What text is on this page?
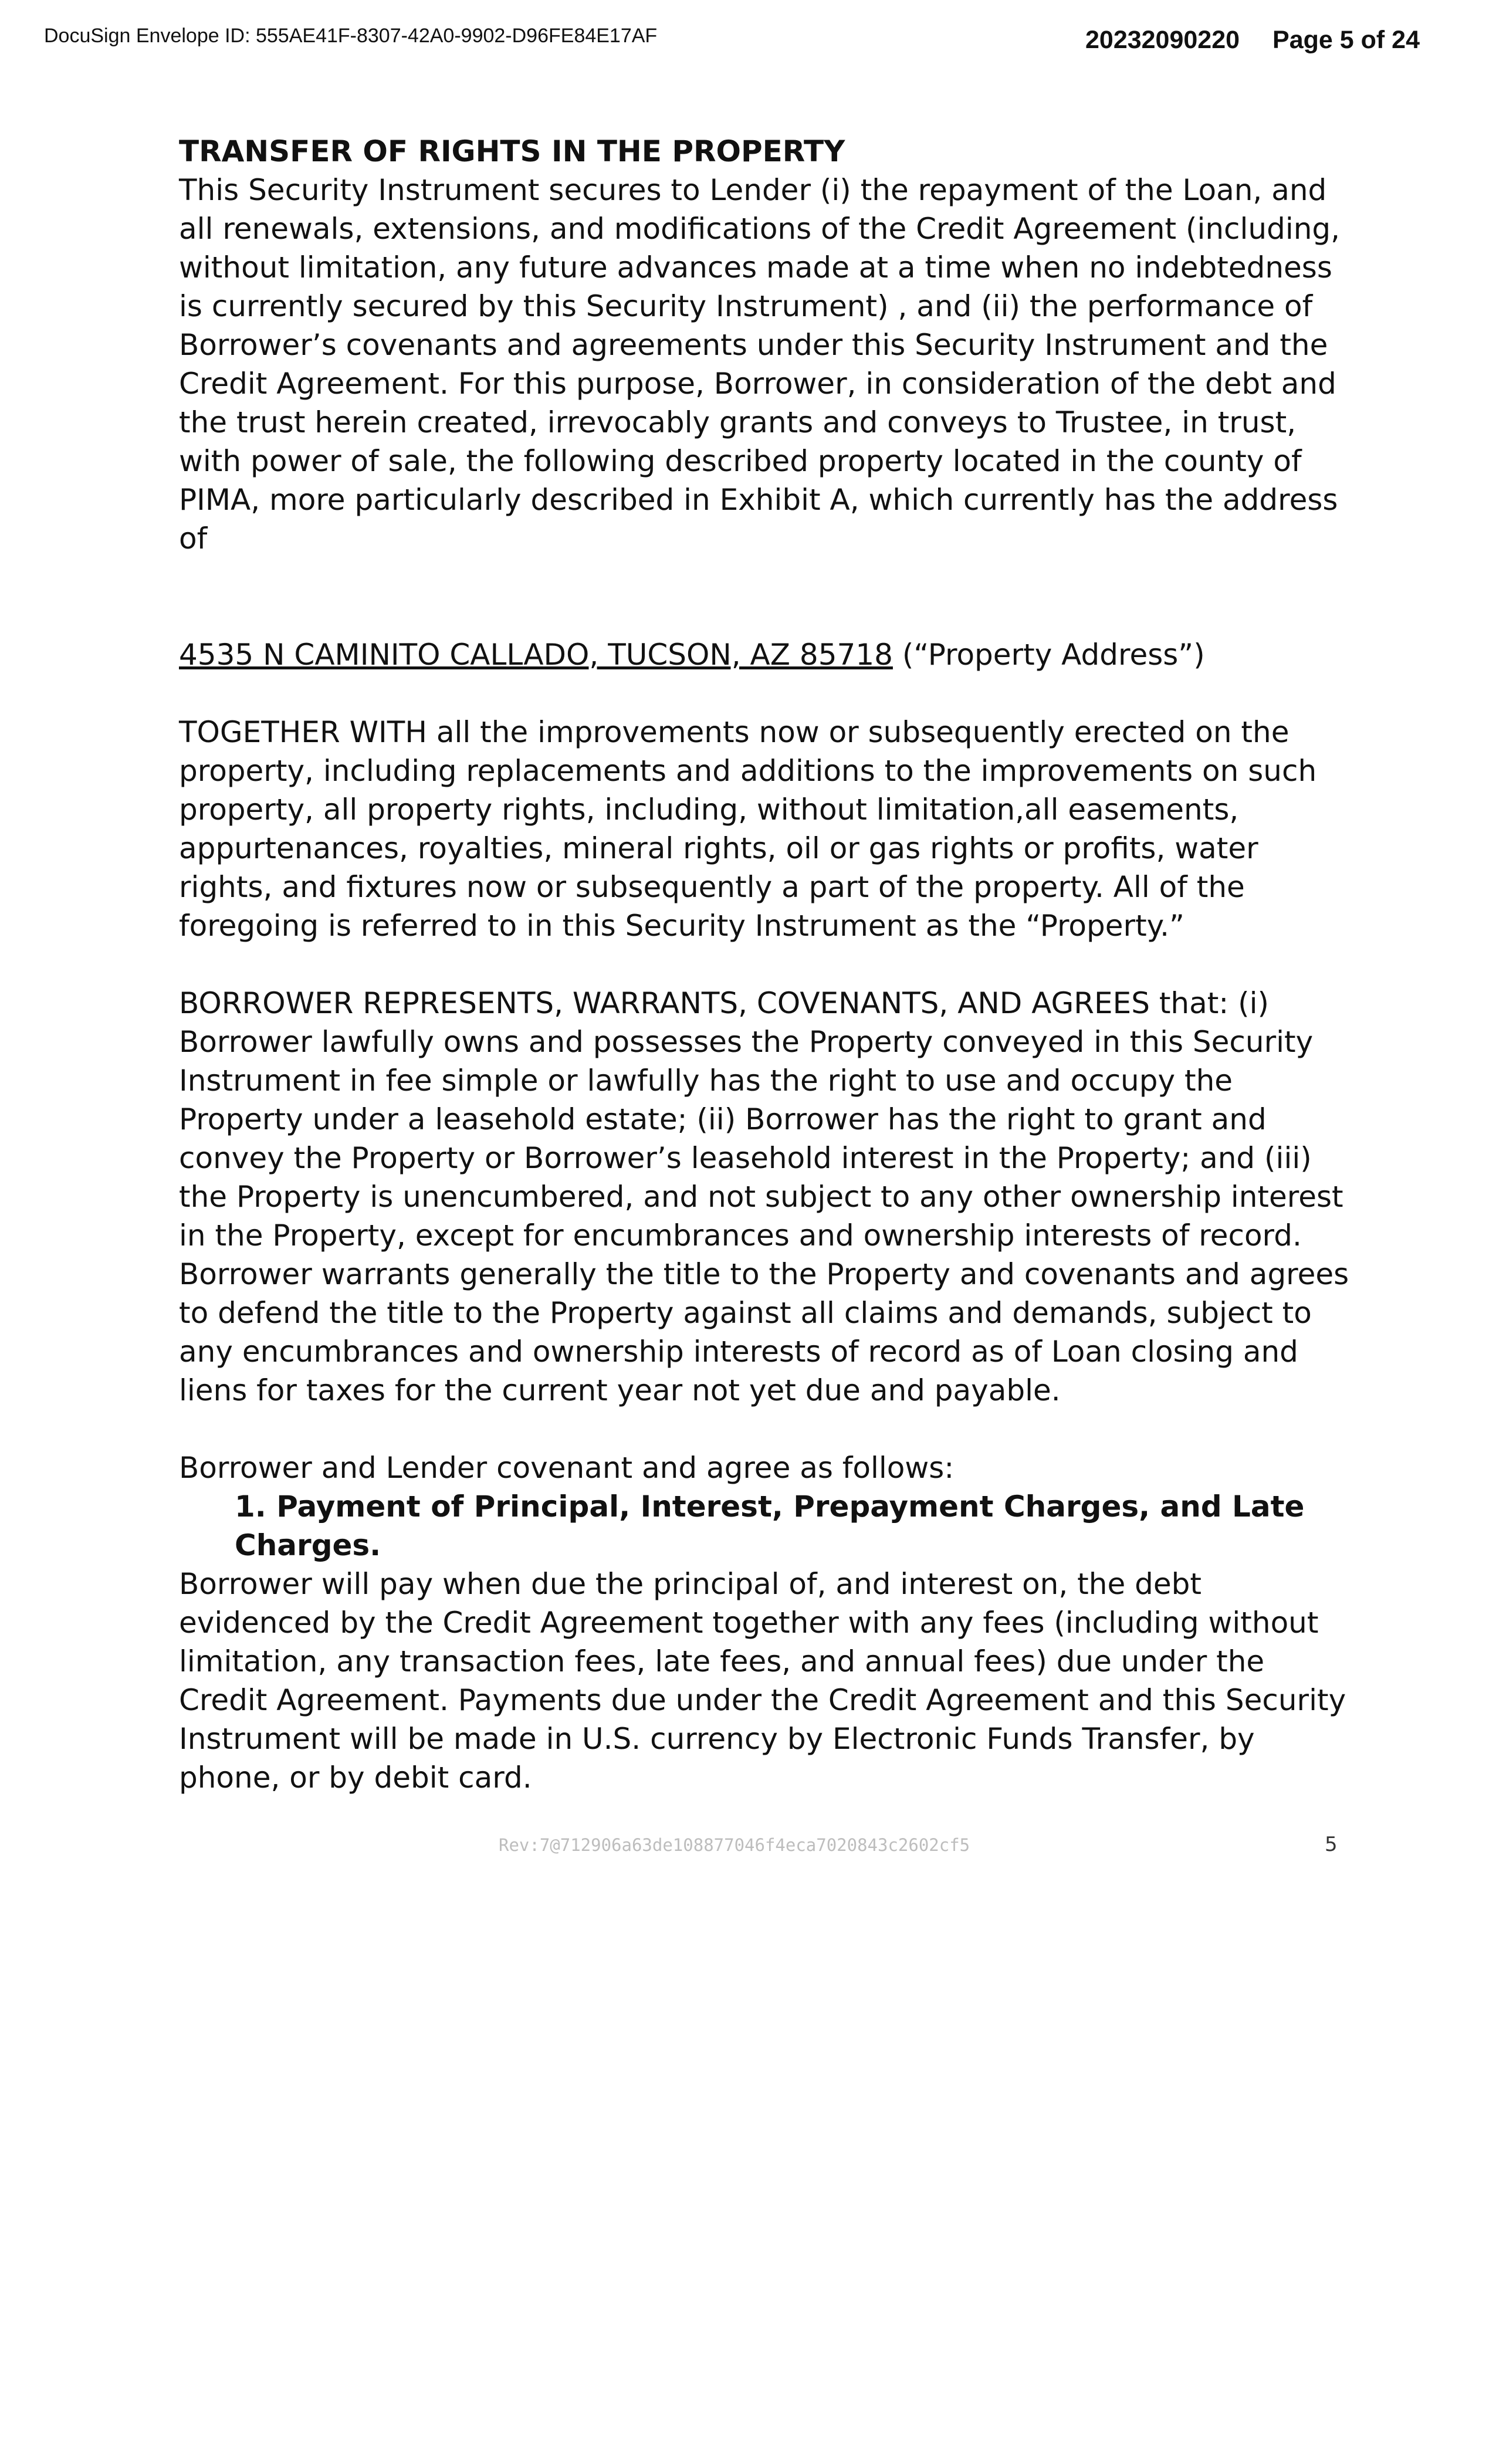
DocuSign Envelope ID: 555AE41F-8307-42A0-9902-D96FE84E17AF	20232090220 Page 5 of 24

TRANSFER OF RIGHTS IN THE PROPERTY

This Security Instrument secures to Lender (i) the repayment of the Loan, and all renewals, extensions, and modifications of the Credit Agreement (including, without limitation, any future advances made at a time when no indebtedness is currently secured by this Security Instrument) , and (ii) the performance of Borrower’s covenants and agreements under this Security Instrument and the Credit Agreement. For this purpose, Borrower, in consideration of the debt and the trust herein created, irrevocably grants and conveys to Trustee, in trust, with power of sale, the following described property located in the county of PIMA, more particularly described in Exhibit A, which currently has the address of

4535 N CAMINITO CALLADO, TUCSON, AZ 85718 (“Property Address”)

TOGETHER WITH all the improvements now or subsequently erected on the property, including replacements and additions to the improvements on such property, all property rights, including, without limitation,all easements, appurtenances, royalties, mineral rights, oil or gas rights or profits, water rights, and fixtures now or subsequently a part of the property. All of the foregoing is referred to in this Security Instrument as the “Property.”

BORROWER REPRESENTS, WARRANTS, COVENANTS, AND AGREES that: (i) Borrower lawfully owns and possesses the Property conveyed in this Security Instrument in fee simple or lawfully has the right to use and occupy the Property under a leasehold estate; (ii) Borrower has the right to grant and convey the Property or Borrower’s leasehold interest in the Property; and (iii) the Property is unencumbered, and not subject to any other ownership interest in the Property, except for encumbrances and ownership interests of record. Borrower warrants generally the title to the Property and covenants and agrees to defend the title to the Property against all claims and demands, subject to any encumbrances and ownership interests of record as of Loan closing and liens for taxes for the current year not yet due and payable.

Borrower and Lender covenant and agree as follows:

1. Payment of Principal, Interest, Prepayment Charges, and Late Charges.

Borrower will pay when due the principal of, and interest on, the debt evidenced by the Credit Agreement together with any fees (including without limitation, any transaction fees, late fees, and annual fees) due under the Credit Agreement. Payments due under the Credit Agreement and this Security Instrument will be made in U.S. currency by Electronic Funds Transfer, by phone, or by debit card.

Rev:7@712906a63de108877046f4eca7020843c2602cf5	5
